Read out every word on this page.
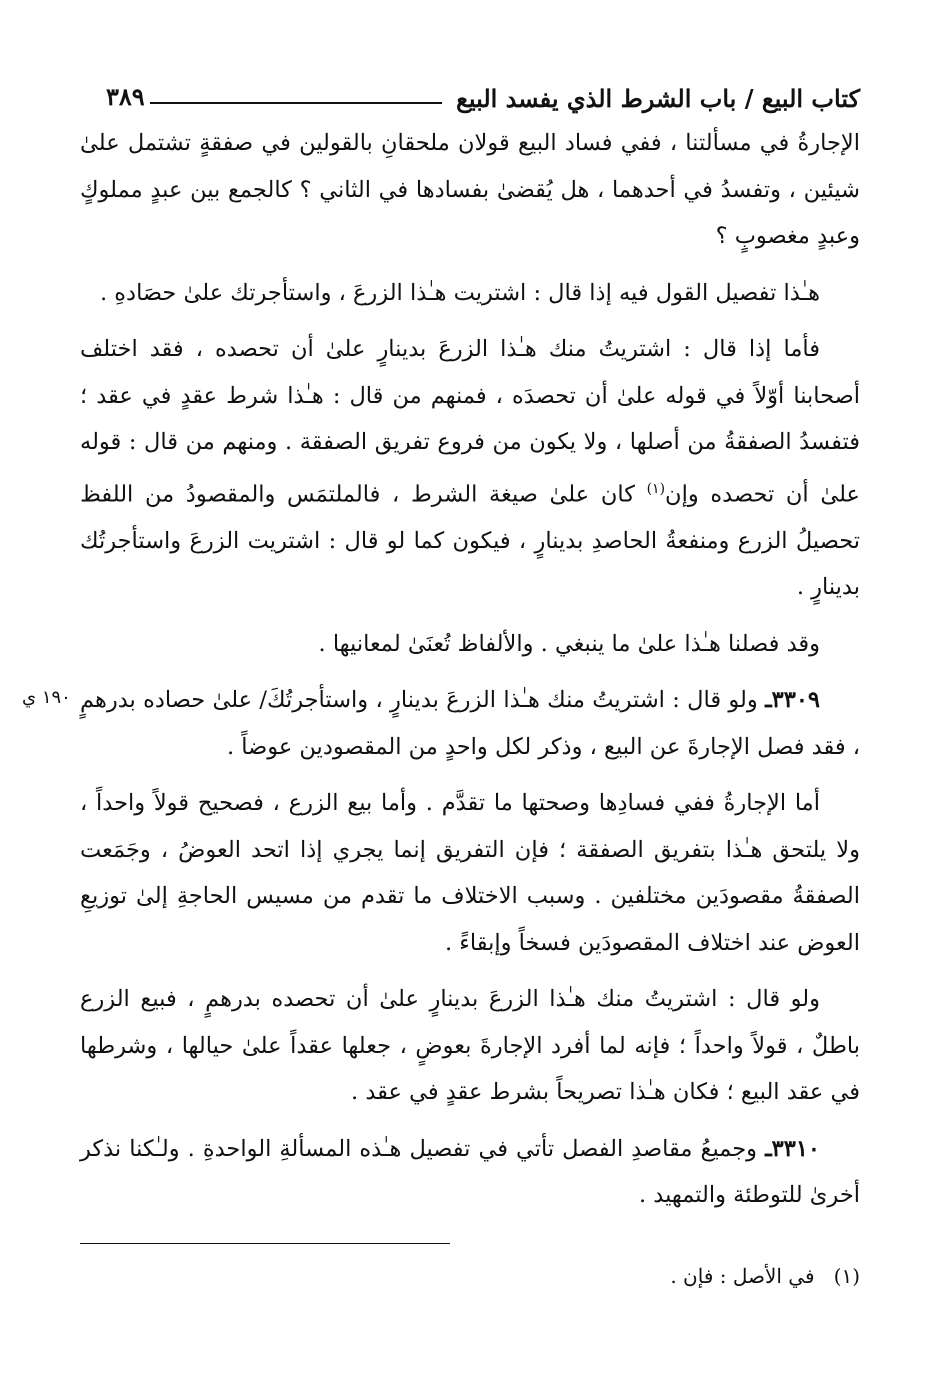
كتاب البيع / باب الشرط الذي يفسد البيع
٣٨٩

الإجارةُ في مسألتنا ، ففي فساد البيع قولان ملحقانِ بالقولين في صفقةٍ تشتمل علىٰ شيئين ، وتفسدُ في أحدهما ، هل يُقضىٰ بفسادها في الثاني ؟ كالجمع بين عبدٍ مملوكٍ وعبدٍ مغصوبٍ ؟

هـٰذا تفصيل القول فيه إذا قال : اشتريت هـٰذا الزرعَ ، واستأجرتك علىٰ حصَادهِ .

فأما إذا قال : اشتريتُ منك هـٰذا الزرعَ بدينارٍ علىٰ أن تحصده ، فقد اختلف أصحابنا أوّلاً في قوله علىٰ أن تحصدَه ، فمنهم من قال : هـٰذا شرط عقدٍ في عقد ؛ فتفسدُ الصفقةُ من أصلها ، ولا يكون من فروع تفريق الصفقة . ومنهم من قال : قوله علىٰ أن تحصده وإن$^{(١)}$ كان علىٰ صيغة الشرط ، فالملتمَس والمقصودُ من اللفظ تحصيلُ الزرع ومنفعةُ الحاصدِ بدينارٍ ، فيكون كما لو قال : اشتريت الزرعَ واستأجرتُك بدينارٍ .

وقد فصلنا هـٰذا علىٰ ما ينبغي . والألفاظ تُعنَىٰ لمعانيها .

١٩٠ ي	٣٣٠٩ـ ولو قال : اشتريتُ منك هـٰذا الزرعَ بدينارٍ ، واستأجرتُكَ/ علىٰ حصاده بدرهمٍ ، فقد فصل الإجارةَ عن البيع ، وذكر لكل واحدٍ من المقصودين عوضاً .

أما الإجارةُ ففي فسادِها وصحتها ما تقدَّم . وأما بيع الزرع ، فصحيح قولاً واحداً ، ولا يلتحق هـٰذا بتفريق الصفقة ؛ فإن التفريق إنما يجري إذا اتحد العوضُ ، وجَمَعت الصفقةُ مقصودَين مختلفين . وسبب الاختلاف ما تقدم من مسيس الحاجةِ إلىٰ توزيعِ العوض عند اختلاف المقصودَين فسخاً وإبقاءً .

ولو قال : اشتريتُ منك هـٰذا الزرعَ بدينارٍ علىٰ أن تحصده بدرهمٍ ، فبيع الزرع باطلٌ ، قولاً واحداً ؛ فإنه لما أفرد الإجارةَ بعوضٍ ، جعلها عقداً علىٰ حيالها ، وشرطها في عقد البيع ؛ فكان هـٰذا تصريحاً بشرط عقدٍ في عقد .

٣٣١٠ـ وجميعُ مقاصدِ الفصل تأتي في تفصيل هـٰذه المسألةِ الواحدةِ . ولـٰكنا نذكر أخرىٰ للتوطئة والتمهيد .

(١)   في الأصل : فإن .
